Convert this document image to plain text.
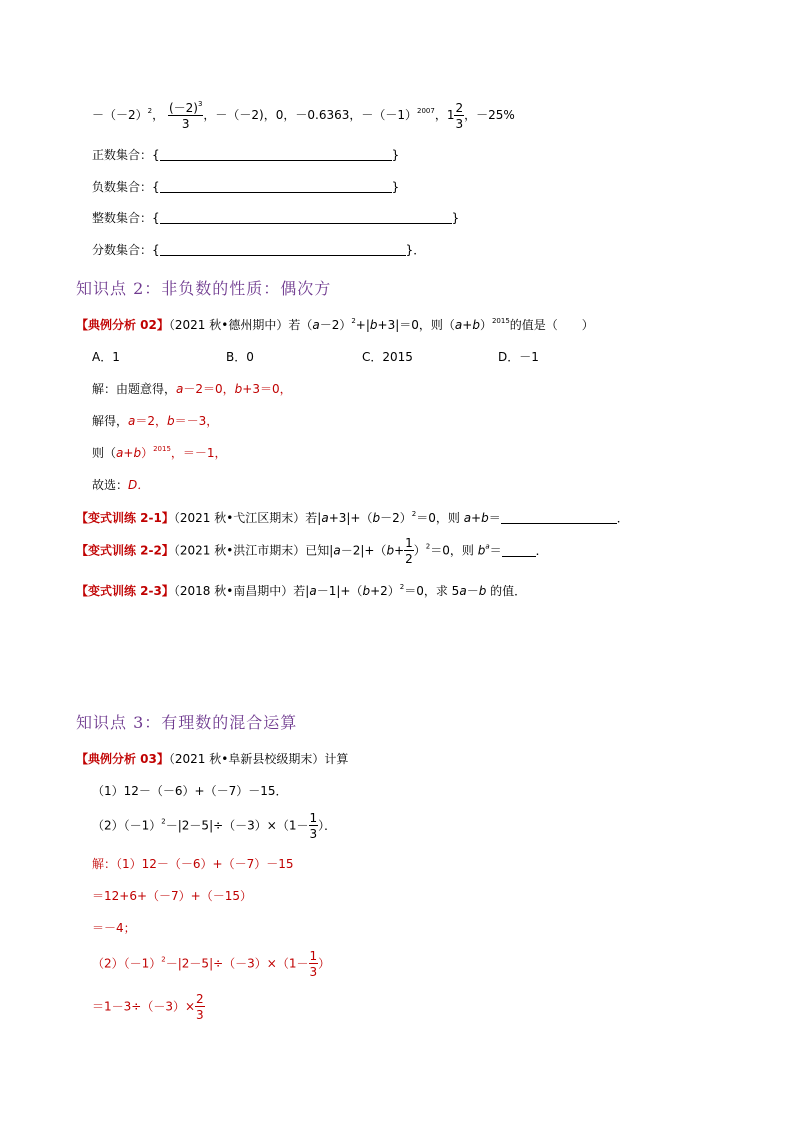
$-(-2)^2$， $\frac{(-2)^3}{3}$ ，－（－2)，0，－0.6363，$-(-1)^{2007}$，$1 \frac{2}{3}$ ，－25%
正数集合：{	}
负数集合：{	}
整数集合：{	}
分数集合：{	}．
知识点 2：非负数的性质：偶次方
【典例分析 02】（2021 秋•德州期中）若$(a-2)^2+|b+3|=0$，则$(a+b)^{2015}$的值是（　　）
A．1	B．0	C．2015	D．－1
解：由题意得，a－2＝0，b+3＝0，
解得，a＝2，b＝－3，
则$(a+b)^{2015}$，＝－1，
故选：D．
【变式训练 2-1】（2021 秋•弋江区期末）若$|a+3|+(b-2)^2=0$，则 a+b＝	．
【变式训练 2-2】（2021 秋•洪江市期末）已知$|a-2|+(b+ \frac{1}{2} )^2=0$，则 $b^a=$	．
【变式训练 2-3】（2018 秋•南昌期中）若$|a-1|+(b+2)^2=0$，求 5a－b 的值．
知识点 3：有理数的混合运算
【典例分析 03】（2021 秋•阜新县校级期末）计算
（1）12－（－6）+（－7）－15．
$(2)(-1)^2-|2-5|\div(-3)\times(1- \frac{1}{3}$ ）．
解：（1）12－（－6）+（－7）－15
＝12+6+（－7）+（－15）
＝－4；
$(2)(-1)^2-|2-5|\div(-3)\times(1- \frac{1}{3}$ ）
$=1-3\div(-3)\times \frac{2}{3}$
